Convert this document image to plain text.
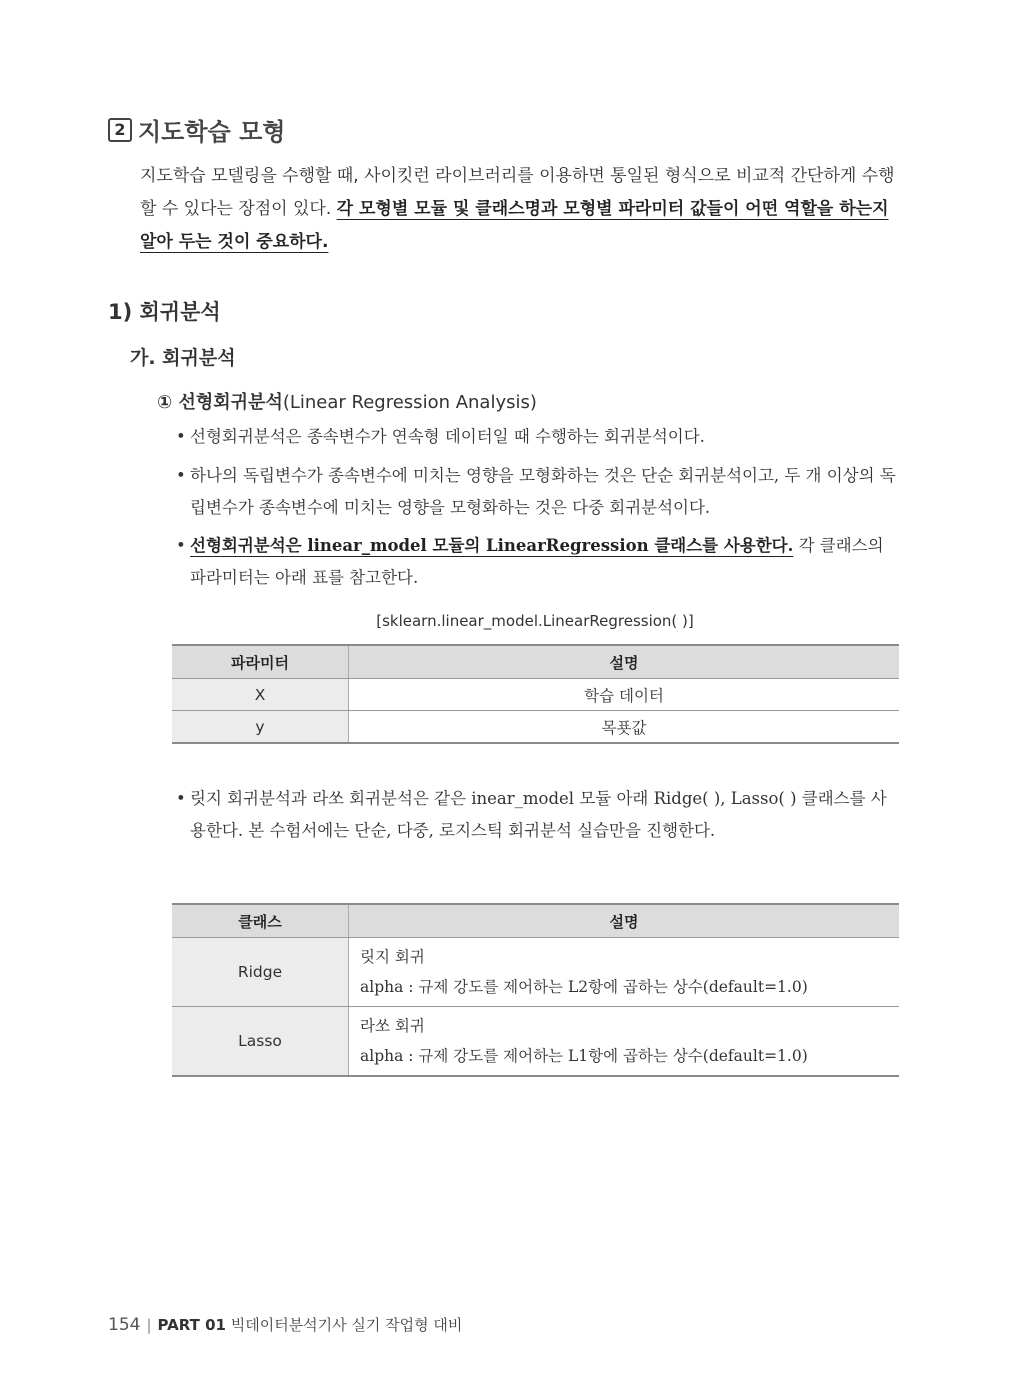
2 지도학습 모형
지도학습 모델링을 수행할 때, 사이킷런 라이브러리를 이용하면 통일된 형식으로 비교적 간단하게 수행할 수 있다는 장점이 있다. 각 모형별 모듈 및 클래스명과 모형별 파라미터 값들이 어떤 역할을 하는지 알아 두는 것이 중요하다.
1) 회귀분석
가. 회귀분석
① 선형회귀분석(Linear Regression Analysis)
• 선형회귀분석은 종속변수가 연속형 데이터일 때 수행하는 회귀분석이다.
• 하나의 독립변수가 종속변수에 미치는 영향을 모형화하는 것은 단순 회귀분석이고, 두 개 이상의 독립변수가 종속변수에 미치는 영향을 모형화하는 것은 다중 회귀분석이다.
• 선형회귀분석은 linear_model 모듈의 LinearRegression 클래스를 사용한다. 각 클래스의 파라미터는 아래 표를 참고한다.
[sklearn.linear_model.LinearRegression( )]
파라미터	설명
X	학습 데이터
y	목푯값
• 릿지 회귀분석과 라쏘 회귀분석은 같은 inear_model 모듈 아래 Ridge( ), Lasso( ) 클래스를 사용한다. 본 수험서에는 단순, 다중, 로지스틱 회귀분석 실습만을 진행한다.
클래스	설명
Ridge	릿지 회귀
alpha : 규제 강도를 제어하는 L2항에 곱하는 상수(default=1.0)

Lasso	라쏘 회귀
alpha : 규제 강도를 제어하는 L1항에 곱하는 상수(default=1.0)
154 | PART 01 빅데이터분석기사 실기 작업형 대비
